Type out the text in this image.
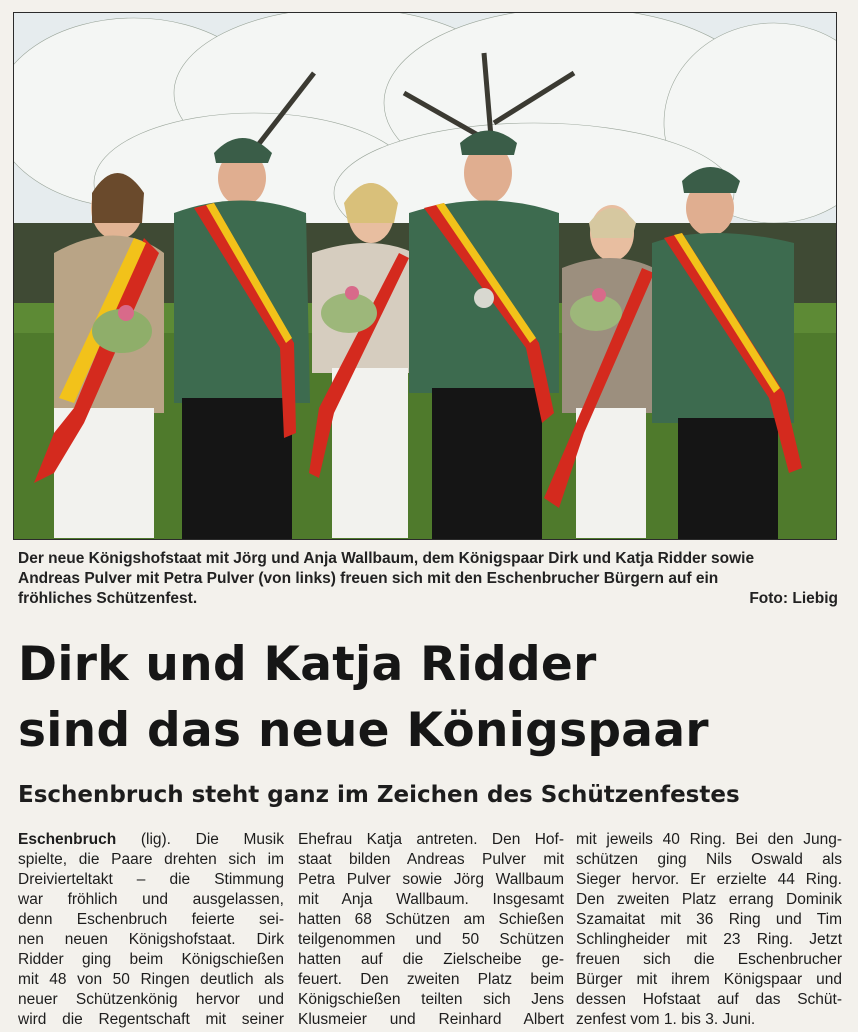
Der neue Königshofstaat mit Jörg und Anja Wallbaum, dem Königspaar Dirk und Katja Ridder sowie
Andreas Pulver mit Petra Pulver (von links) freuen sich mit den Eschenbrucher Bürgern auf ein
fröhliches Schützenfest.	Foto: Liebig
Dirk und Katja Ridder
sind das neue Königspaar
Eschenbruch steht ganz im Zeichen des Schützenfestes
Eschenbruch (lig). Die Musik
spielte, die Paare drehten sich im
Dreivierteltakt – die Stimmung
war fröhlich und ausgelassen,
denn Eschenbruch feierte sei-
nen neuen Königshofstaat. Dirk
Ridder ging beim Königschießen
mit 48 von 50 Ringen deutlich als
neuer Schützenkönig hervor und
wird die Regentschaft mit seiner
Ehefrau Katja antreten. Den Hof-
staat bilden Andreas Pulver mit
Petra Pulver sowie Jörg Wallbaum
mit Anja Wallbaum. Insgesamt
hatten 68 Schützen am Schießen
teilgenommen und 50 Schützen
hatten auf die Zielscheibe ge-
feuert. Den zweiten Platz beim
Königschießen teilten sich Jens
Klusmeier und Reinhard Albert
mit jeweils 40 Ring. Bei den Jung-
schützen ging Nils Oswald als
Sieger hervor. Er erzielte 44 Ring.
Den zweiten Platz errang Dominik
Szamaitat mit 36 Ring und Tim
Schlingheider mit 23 Ring. Jetzt
freuen sich die Eschenbrucher
Bürger mit ihrem Königspaar und
dessen Hofstaat auf das Schüt-
zenfest vom 1. bis 3. Juni.
